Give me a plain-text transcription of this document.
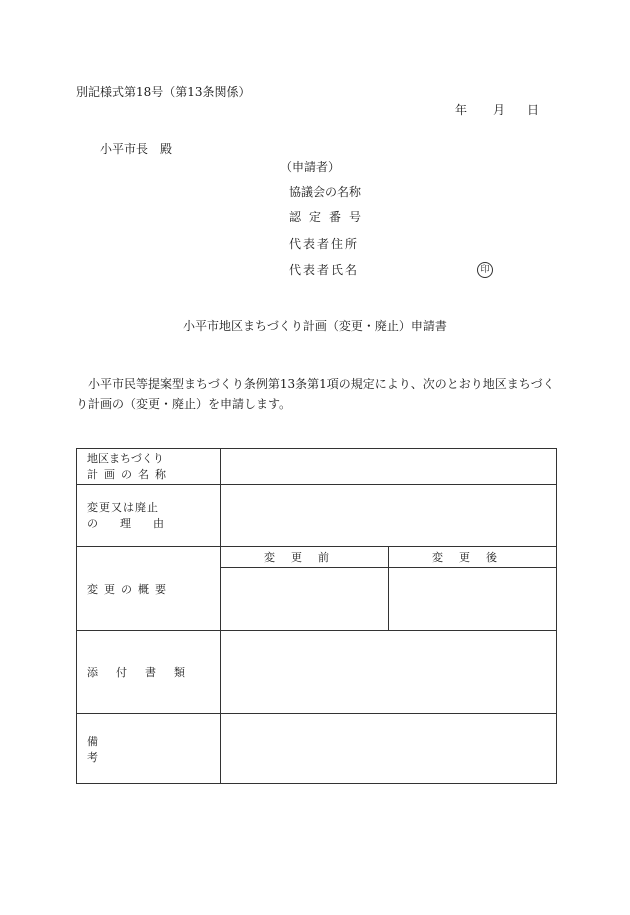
別記様式第18号（第13条関係）
年 月 日
小平市長　殿
（申請者）
協議会の名称
認定番号
代表者住所
代表者氏名	印
小平市地区まちづくり計画（変更・廃止）申請書
小平市民等提案型まちづくり条例第13条第1項の規定により、次のとおり地区まちづくり計画の（変更・廃止）を申請します。
地区まちづくり
計画の名称		

変更又は廃止
の理由		

変更の概要	変更前	変更後

添付書類		

備考		
